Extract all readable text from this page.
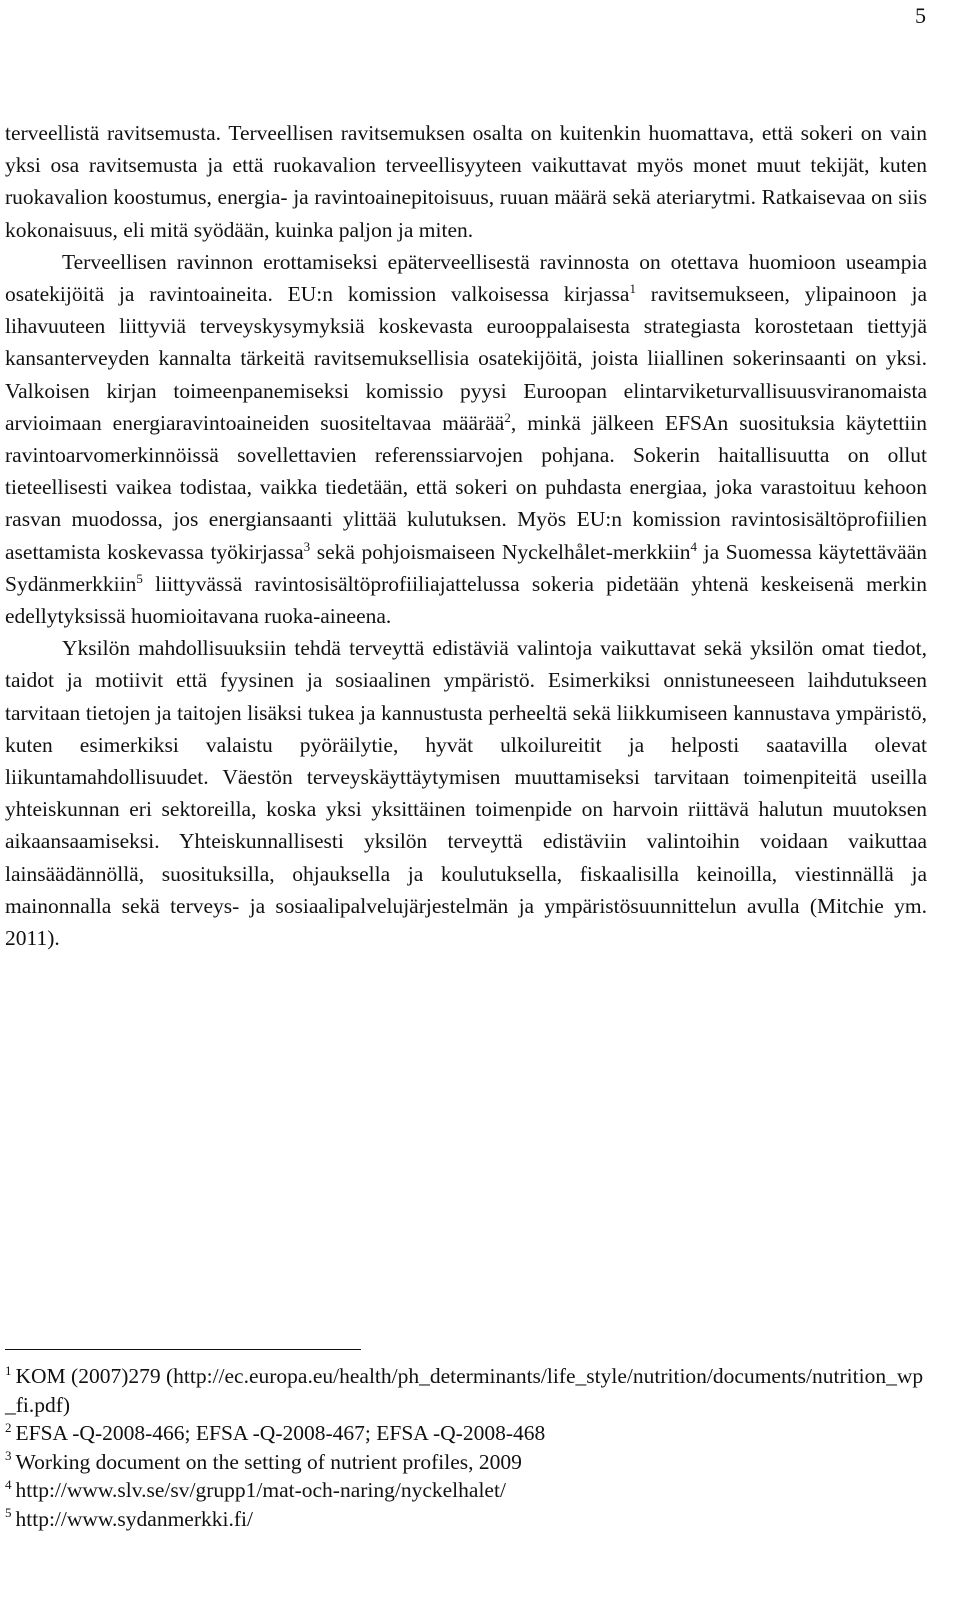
5

terveellistä ravitsemusta. Terveellisen ravitsemuksen osalta on kuitenkin huomattava, että sokeri on vain yksi osa ravitsemusta ja että ruokavalion terveellisyyteen vaikuttavat myös monet muut tekijät, kuten ruokavalion koostumus, energia- ja ravintoainepitoisuus, ruuan määrä sekä ateriarytmi. Ratkaisevaa on siis kokonaisuus, eli mitä syödään, kuinka paljon ja miten.

Terveellisen ravinnon erottamiseksi epäterveellisestä ravinnosta on otettava huomioon useampia osatekijöitä ja ravintoaineita. EU:n komission valkoisessa kirjassa$^1$ ravitsemukseen, ylipainoon ja lihavuuteen liittyviä terveyskysymyksiä koskevasta eurooppalaisesta strategiasta korostetaan tiettyjä kansanterveyden kannalta tärkeitä ravitsemuksellisia osatekijöitä, joista liiallinen sokerinsaanti on yksi. Valkoisen kirjan toimeenpanemiseksi komissio pyysi Euroopan elintarviketurvallisuusviranomaista arvioimaan energiaravintoaineiden suositeltavaa määrää$^2$, minkä jälkeen EFSAn suosituksia käytettiin ravintoarvomerkinnöissä sovellettavien referenssiarvojen pohjana. Sokerin haitallisuutta on ollut tieteellisesti vaikea todistaa, vaikka tiedetään, että sokeri on puhdasta energiaa, joka varastoituu kehoon rasvan muodossa, jos energiansaanti ylittää kulutuksen. Myös EU:n komission ravintosisältöprofiilien asettamista koskevassa työkirjassa$^3$ sekä pohjoismaiseen Nyckelhålet-merkkiin$^4$ ja Suomessa käytettävään Sydänmerkkiin$^5$ liittyvässä ravintosisältöprofiiliajattelussa sokeria pidetään yhtenä keskeisenä merkin edellytyksissä huomioitavana ruoka-aineena.

Yksilön mahdollisuuksiin tehdä terveyttä edistäviä valintoja vaikuttavat sekä yksilön omat tiedot, taidot ja motiivit että fyysinen ja sosiaalinen ympäristö. Esimerkiksi onnistuneeseen laihdutukseen tarvitaan tietojen ja taitojen lisäksi tukea ja kannustusta perheeltä sekä liikkumiseen kannustava ympäristö, kuten esimerkiksi valaistu pyöräilytie, hyvät ulkoilureitit ja helposti saatavilla olevat liikuntamahdollisuudet. Väestön terveyskäyttäytymisen muuttamiseksi tarvitaan toimenpiteitä useilla yhteiskunnan eri sektoreilla, koska yksi yksittäinen toimenpide on harvoin riittävä halutun muutoksen aikaansaamiseksi. Yhteiskunnallisesti yksilön terveyttä edistäviin valintoihin voidaan vaikuttaa lainsäädännöllä, suosituksilla, ohjauksella ja koulutuksella, fiskaalisilla keinoilla, viestinnällä ja mainonnalla sekä terveys- ja sosiaalipalvelujärjestelmän ja ympäristösuunnittelun avulla (Mitchie ym. 2011).

$^1$ KOM (2007)279 (http://ec.europa.eu/health/ph_determinants/life_style/nutrition/documents/nutrition_wp_fi.pdf)

$^2$ EFSA -Q-2008-466; EFSA -Q-2008-467; EFSA -Q-2008-468

$^3$ Working document on the setting of nutrient profiles, 2009

$^4$ http://www.slv.se/sv/grupp1/mat-och-naring/nyckelhalet/

$^5$ http://www.sydanmerkki.fi/
